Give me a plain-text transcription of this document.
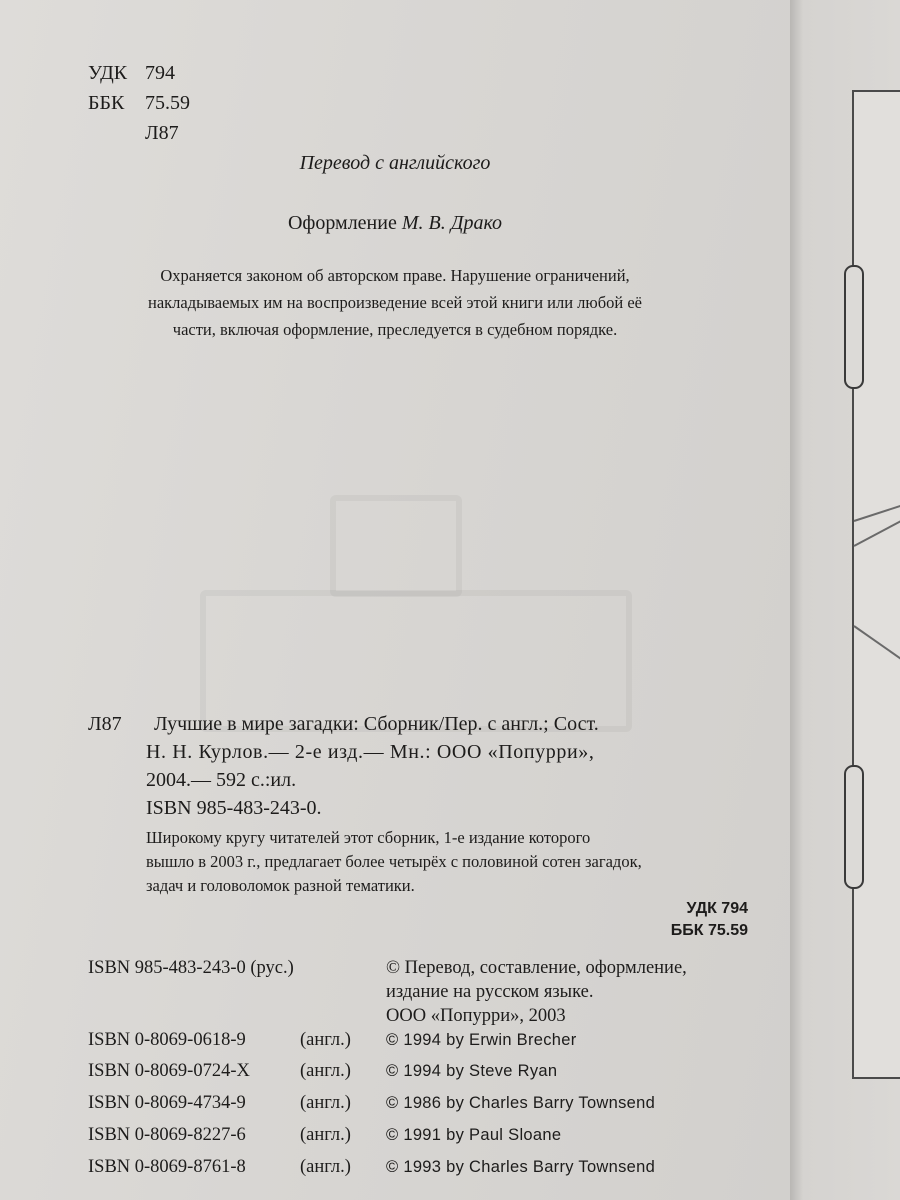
УДК 794
ББК	75.59
Л87
Перевод с английского
Оформление М. В. Драко
Охраняется законом об авторском праве. Нарушение ограничений,
накладываемых им на воспроизведение всей этой книги или любой её
части, включая оформление, преследуется в судебном порядке.
Л87 Лучшие в мире загадки: Сборник/Пер. с англ.; Сост.
Н. Н. Курлов.— 2-е изд.— Мн.: ООО «Попурри»,
2004.— 592 с.:ил.
ISBN 985-483-243-0.
Широкому кругу читателей этот сборник, 1-е издание которого
вышло в 2003 г., предлагает более четырёх с половиной сотен загадок,
задач и головоломок разной тематики.
УДК 794
ББК 75.59
ISBN 985-483-243-0 (рус.)	© Перевод, составление, оформление,
издание на русском языке.
ООО «Попурри», 2003
ISBN 0-8069-0618-9	(англ.) © 1994 by Erwin Brecher
ISBN 0-8069-0724-X	(англ.) © 1994 by Steve Ryan
ISBN 0-8069-4734-9	(англ.) © 1986 by Charles Barry Townsend
ISBN 0-8069-8227-6	(англ.) © 1991 by Paul Sloane
ISBN 0-8069-8761-8	(англ.) © 1993 by Charles Barry Townsend
